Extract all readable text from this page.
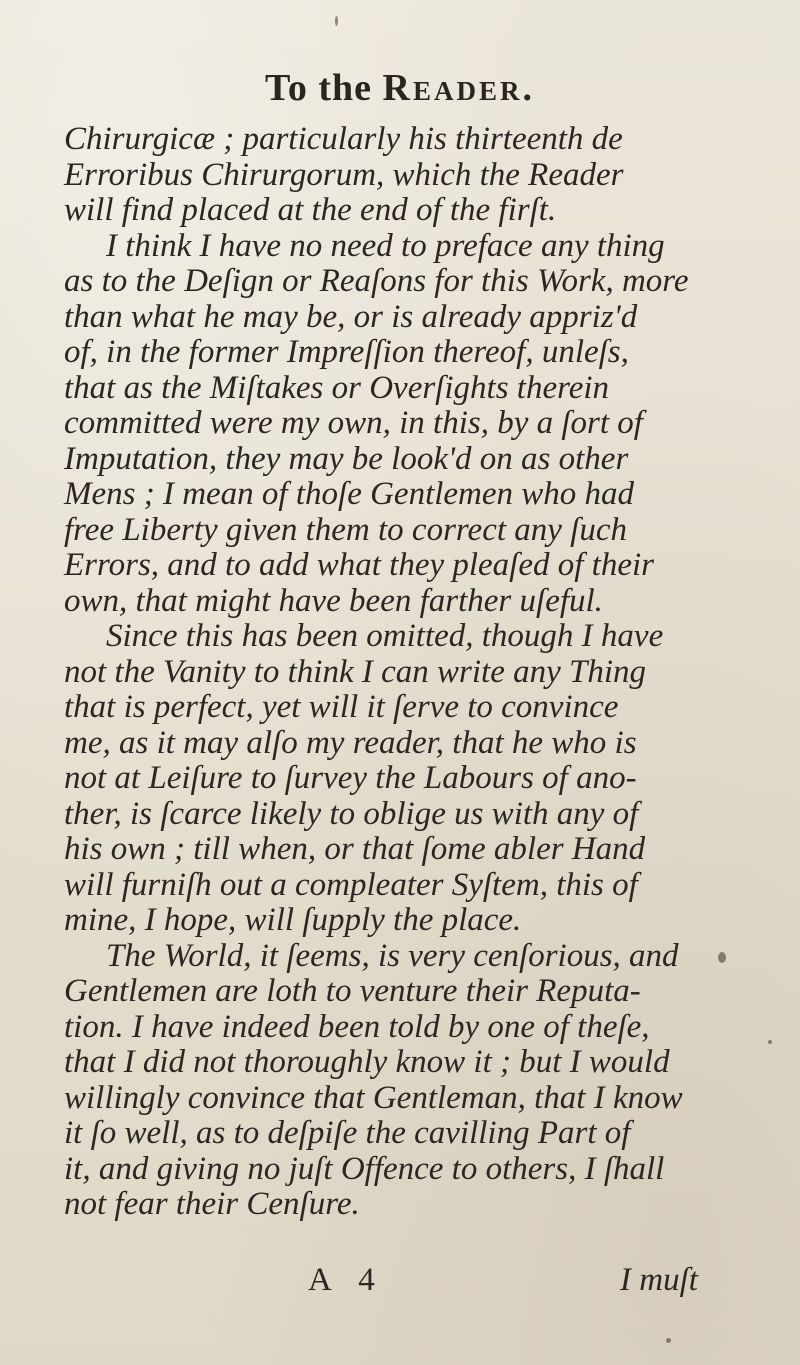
To the Reader.
Chirurgicæ ; particularly his thirteenth de
Erroribus Chirurgorum, which the Reader
will find placed at the end of the firſt.
I think I have no need to preface any thing
as to the Deſign or Reaſons for this Work, more
than what he may be, or is already appriz'd
of, in the former Impreſſion thereof, unleſs,
that as the Miſtakes or Overſights therein
committed were my own, in this, by a ſort of
Imputation, they may be look'd on as other
Mens ; I mean of thoſe Gentlemen who had
free Liberty given them to correct any ſuch
Errors, and to add what they pleaſed of their
own, that might have been farther uſeful.
Since this has been omitted, though I have
not the Vanity to think I can write any Thing
that is perfect, yet will it ſerve to convince
me, as it may alſo my reader, that he who is
not at Leiſure to ſurvey the Labours of ano-
ther, is ſcarce likely to oblige us with any of
his own ; till when, or that ſome abler Hand
will furniſh out a compleater Syſtem, this of
mine, I hope, will ſupply the place.
The World, it ſeems, is very cenſorious, and
Gentlemen are loth to venture their Reputa-
tion. I have indeed been told by one of theſe,
that I did not thoroughly know it ; but I would
willingly convince that Gentleman, that I know
it ſo well, as to deſpiſe the cavilling Part of
it, and giving no juſt Offence to others, I ſhall
not fear their Cenſure.
A 4	I muſt
